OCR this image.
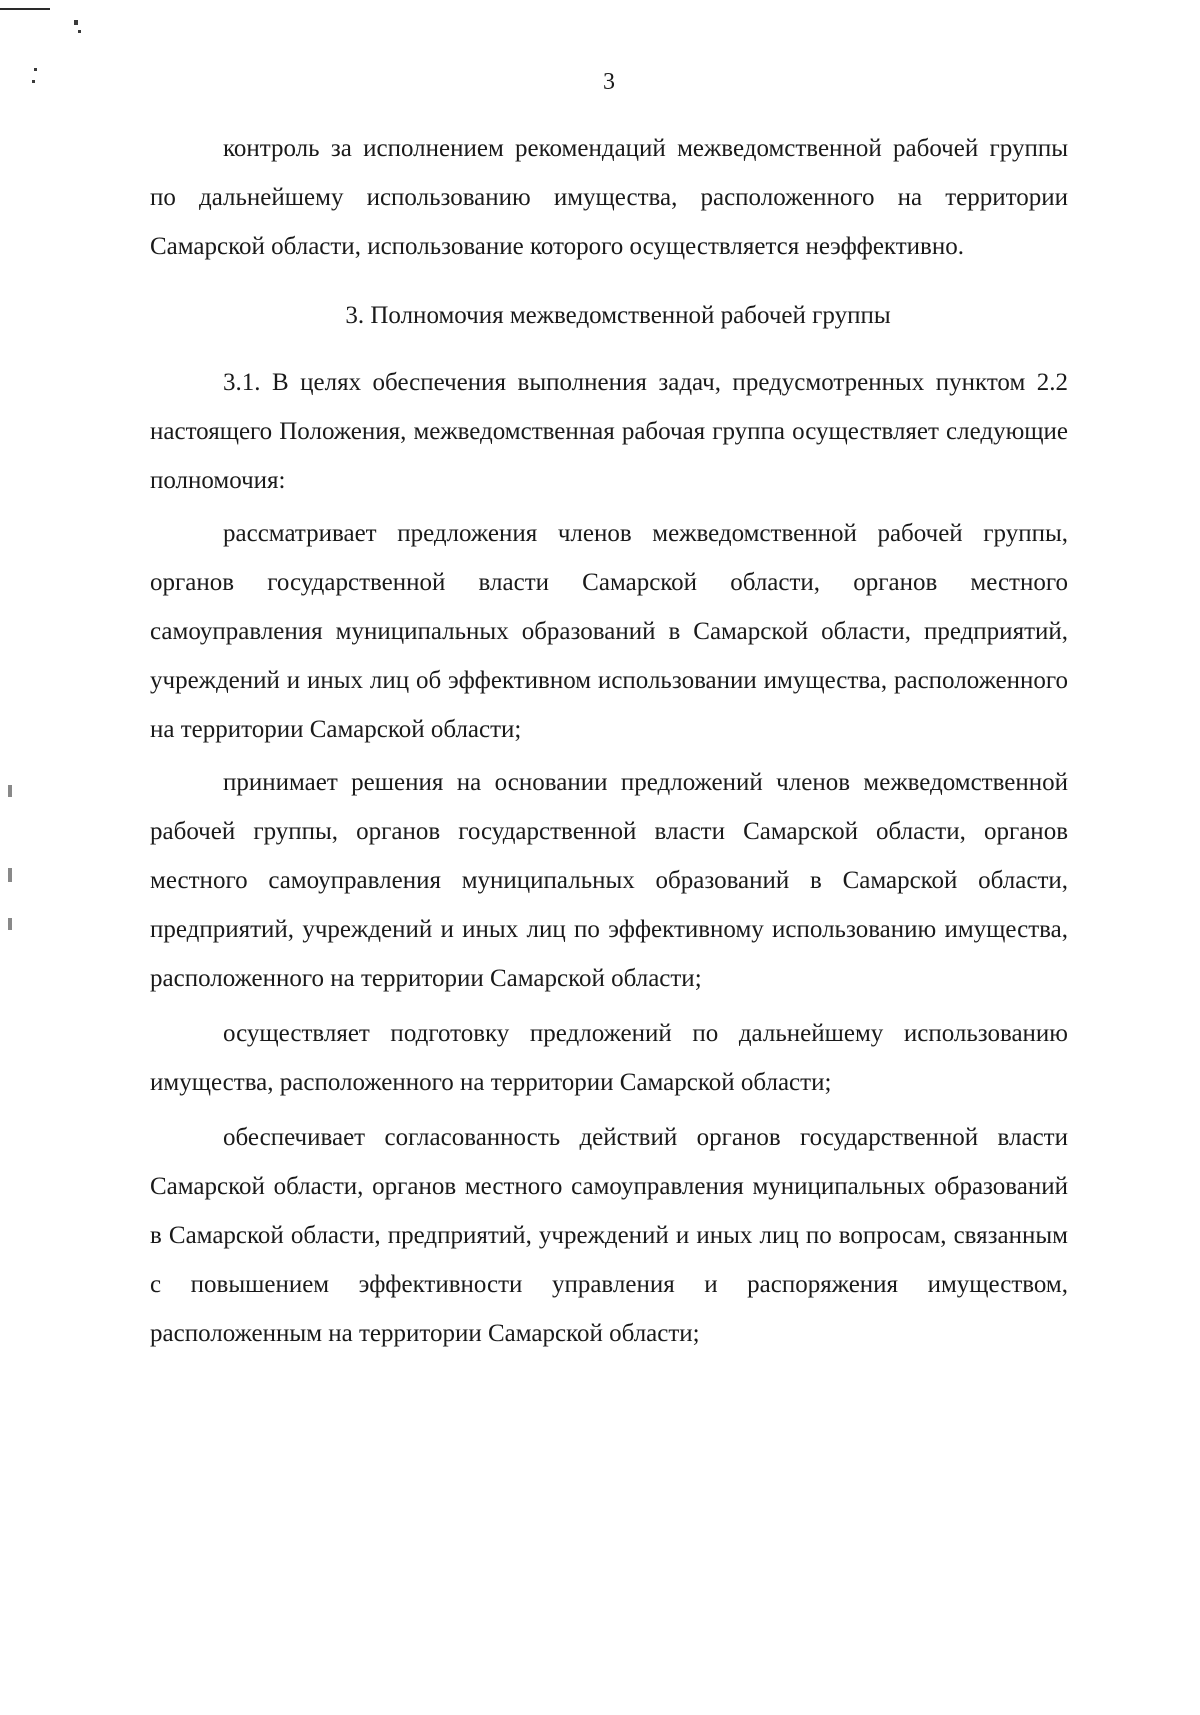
3

контроль за исполнением рекомендаций межведомственной рабочей группы по дальнейшему использованию имущества, расположенного на территории Самарской области, использование которого осуществляется неэффективно.

3. Полномочия межведомственной рабочей группы

3.1. В целях обеспечения выполнения задач, предусмотренных пунктом 2.2 настоящего Положения, межведомственная рабочая группа осуществляет следующие полномочия:

рассматривает предложения членов межведомственной рабочей группы, органов государственной власти Самарской области, органов местного самоуправления муниципальных образований в Самарской области, предприятий, учреждений и иных лиц об эффективном использовании имущества, расположенного на территории Самарской области;

принимает решения на основании предложений членов межведомственной рабочей группы, органов государственной власти Самарской области, органов местного самоуправления муниципальных образований в Самарской области, предприятий, учреждений и иных лиц по эффективному использованию имущества, расположенного на территории Самарской области;

осуществляет подготовку предложений по дальнейшему использованию имущества, расположенного на территории Самарской области;

обеспечивает согласованность действий органов государственной власти Самарской области, органов местного самоуправления муниципальных образований в Самарской области, предприятий, учреждений и иных лиц по вопросам, связанным с повышением эффективности управления и распоряжения имуществом, расположенным на территории Самарской области;
